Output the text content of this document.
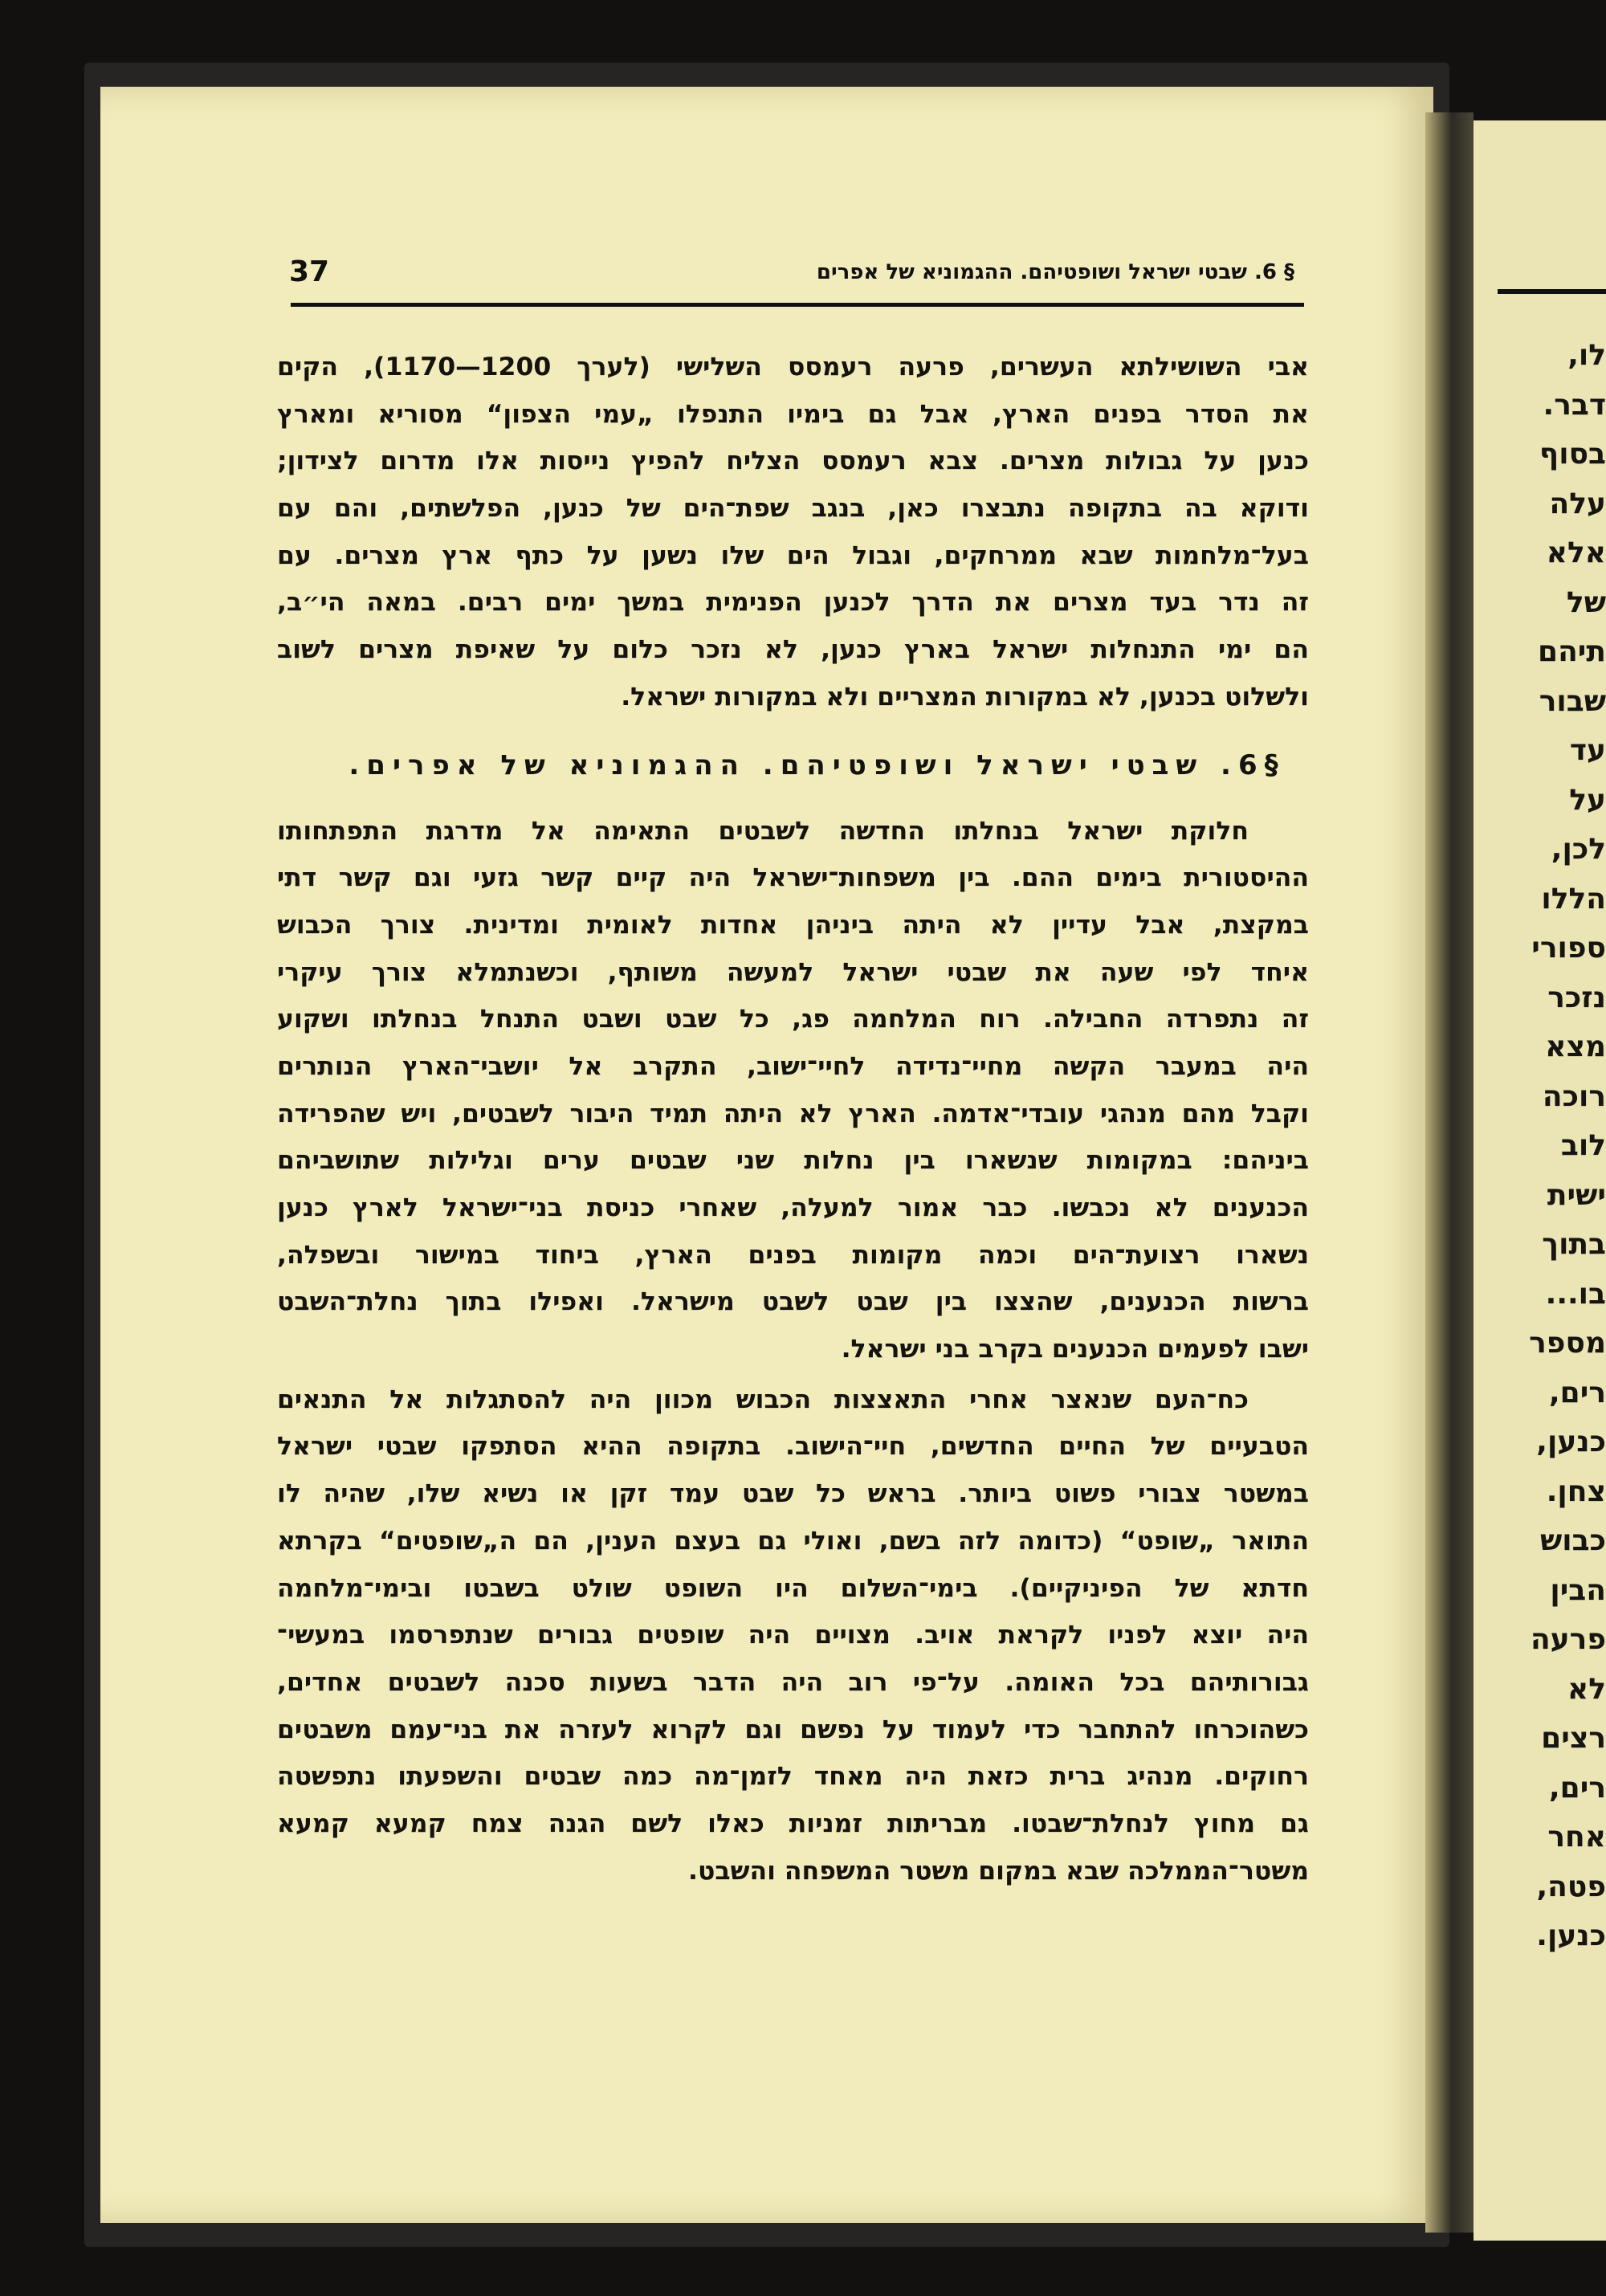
לו,
דבר.
בסוף
עלה
אלא
של
תיהם
שבור
עד
על
לכן,
הללו
ספורי
נזכר
מצא
רוכה
לוב
ישית
בתוך
בו...
מספר
רים,
כנען,
צחן.
כבוש
הבין
פרעה
לא
רצים
רים,
אחר
פטה,
כנען.
37	§ 6. שבטי ישראל ושופטיהם. ההגמוניא של אפרים
אבי השושילתא העשרים, פרעה רעמסס השלישי (לערך 1200—1170), הקים
את הסדר בפנים הארץ, אבל גם בימיו התנפלו „עמי הצפון“ מסוריא ומארץ
כנען על גבולות מצרים. צבא רעמסס הצליח להפיץ נייסות אלו מדרום לצידון;
ודוקא בה בתקופה נתבצרו כאן, בנגב שפת־הים של כנען, הפלשתים, והם עם
בעל־מלחמות שבא ממרחקים, וגבול הים שלו נשען על כתף ארץ מצרים. עם
זה נדר בעד מצרים את הדרך לכנען הפנימית במשך ימים רבים. במאה הי״ב,
הם ימי התנחלות ישראל בארץ כנען, לא נזכר כלום על שאיפת מצרים לשוב
ולשלוט בכנען, לא במקורות המצריים ולא במקורות ישראל.
§6. שבטי ישראל ושופטיהם. ההגמוניא של אפרים.
חלוקת ישראל בנחלתו החדשה לשבטים התאימה אל מדרגת התפתחותו
ההיסטורית בימים ההם. בין משפחות־ישראל היה קיים קשר גזעי וגם קשר דתי
במקצת, אבל עדיין לא היתה ביניהן אחדות לאומית ומדינית. צורך הכבוש
איחד לפי שעה את שבטי ישראל למעשה משותף, וכשנתמלא צורך עיקרי
זה נתפרדה החבילה. רוח המלחמה פג, כל שבט ושבט התנחל בנחלתו ושקוע
היה במעבר הקשה מחיי־נדידה לחיי־ישוב, התקרב אל יושבי־הארץ הנותרים
וקבל מהם מנהגי עובדי־אדמה. הארץ לא היתה תמיד היבור לשבטים, ויש שהפרידה
ביניהם: במקומות שנשארו בין נחלות שני שבטים ערים וגלילות שתושביהם
הכנענים לא נכבשו. כבר אמור למעלה, שאחרי כניסת בני־ישראל לארץ כנען
נשארו רצועת־הים וכמה מקומות בפנים הארץ, ביחוד במישור ובשפלה,
ברשות הכנענים, שהצצו בין שבט לשבט מישראל. ואפילו בתוך נחלת־השבט
ישבו לפעמים הכנענים בקרב בני ישראל.
כח־העם שנאצר אחרי התאצצות הכבוש מכוון היה להסתגלות אל התנאים
הטבעיים של החיים החדשים, חיי־הישוב. בתקופה ההיא הסתפקו שבטי ישראל
במשטר צבורי פשוט ביותר. בראש כל שבט עמד זקן או נשיא שלו, שהיה לו
התואר „שופט“ (כדומה לזה בשם, ואולי גם בעצם הענין, הם ה„שופטים“ בקרתא
חדתא של הפיניקיים). בימי־השלום היו השופט שולט בשבטו ובימי־מלחמה
היה יוצא לפניו לקראת אויב. מצויים היה שופטים גבורים שנתפרסמו במעשי־
גבורותיהם בכל האומה. על־פי רוב היה הדבר בשעות סכנה לשבטים אחדים,
כשהוכרחו להתחבר כדי לעמוד על נפשם וגם לקרוא לעזרה את בני־עמם משבטים
רחוקים. מנהיג ברית כזאת היה מאחד לזמן־מה כמה שבטים והשפעתו נתפשטה
גם מחוץ לנחלת־שבטו. מבריתות זמניות כאלו לשם הגנה צמח קמעא קמעא
משטר־הממלכה שבא במקום משטר המשפחה והשבט.
